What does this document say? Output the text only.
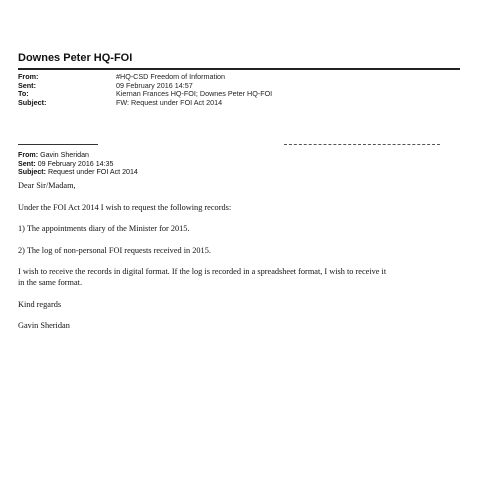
Downes Peter HQ-FOI
From:	#HQ-CSD Freedom of Information
Sent:	09 February 2016 14:57
To:	Kiernan Frances HQ-FOI; Downes Peter HQ-FOI
Subject:	FW: Request under FOI Act 2014
From: Gavin Sheridan
Sent: 09 February 2016 14:35
Subject: Request under FOI Act 2014

Dear Sir/Madam,

Under the FOI Act 2014 I wish to request the following records:

1) The appointments diary of the Minister for 2015.

2) The log of non-personal FOI requests received in 2015.

I wish to receive the records in digital format. If the log is recorded in a spreadsheet format, I wish to receive it

in the same format.

Kind regards

Gavin Sheridan
